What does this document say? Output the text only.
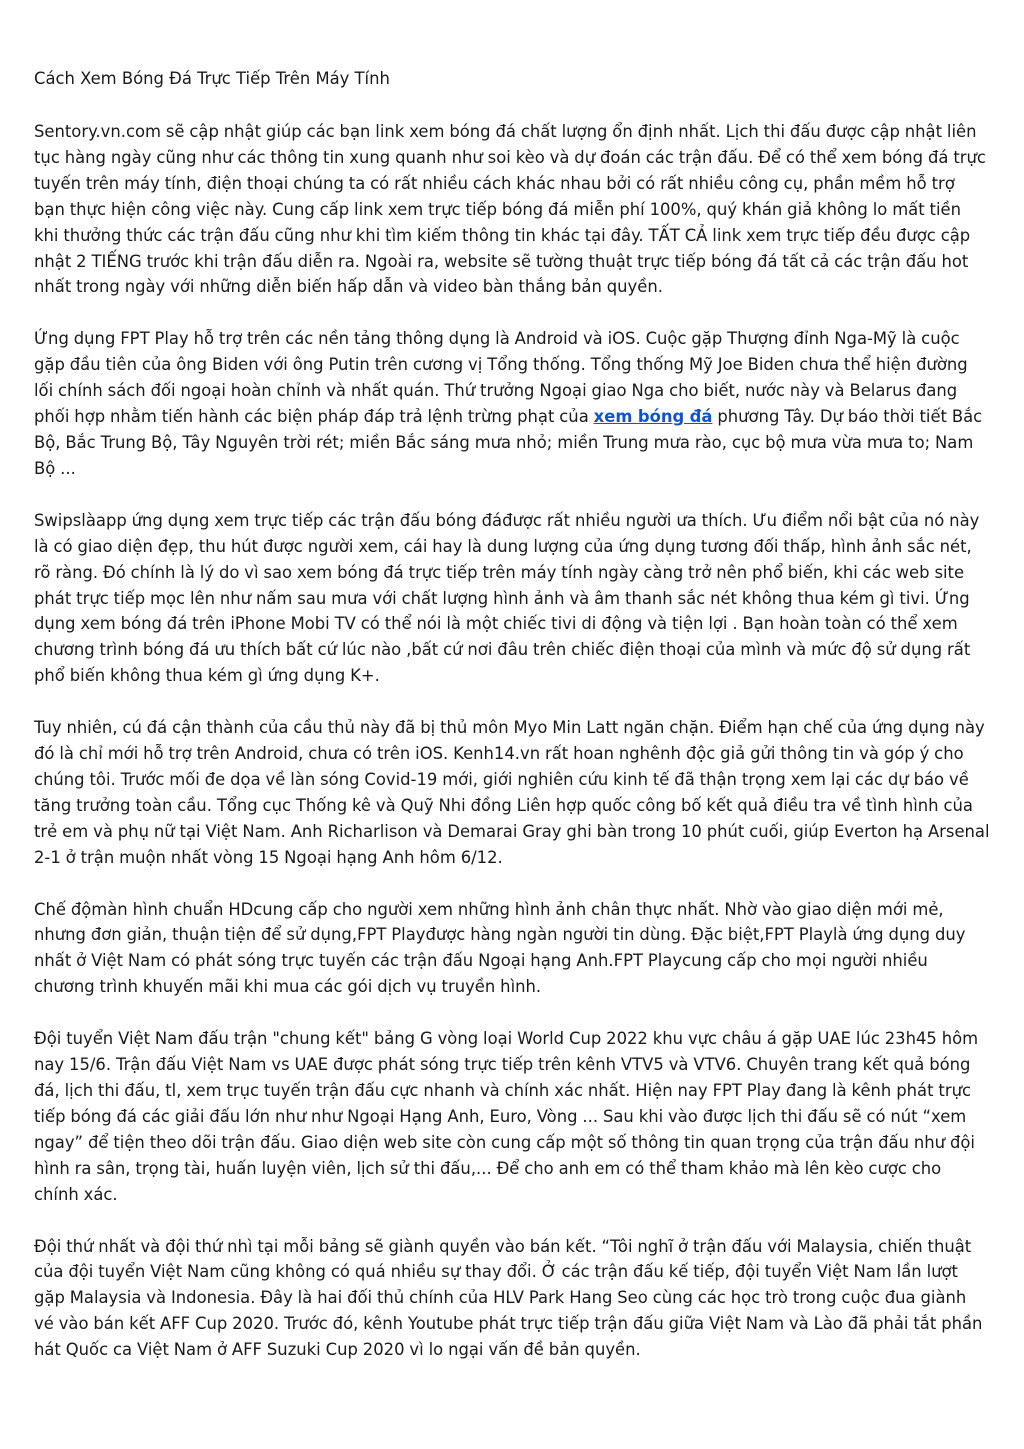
Cách Xem Bóng Đá Trực Tiếp Trên Máy Tính

Sentory.vn.com sẽ cập nhật giúp các bạn link xem bóng đá chất lượng ổn định nhất. Lịch thi đấu được cập nhật liên tục hàng ngày cũng như các thông tin xung quanh như soi kèo và dự đoán các trận đấu. Để có thể xem bóng đá trực tuyến trên máy tính, điện thoại chúng ta có rất nhiều cách khác nhau bởi có rất nhiều công cụ, phần mềm hỗ trợ bạn thực hiện công việc này. Cung cấp link xem trực tiếp bóng đá miễn phí 100%, quý khán giả không lo mất tiền khi thưởng thức các trận đấu cũng như khi tìm kiếm thông tin khác tại đây. TẤT CẢ link xem trực tiếp đều được cập nhật 2 TIẾNG trước khi trận đấu diễn ra. Ngoài ra, website sẽ tường thuật trực tiếp bóng đá tất cả các trận đấu hot nhất trong ngày với những diễn biến hấp dẫn và video bàn thắng bản quyền.

Ứng dụng FPT Play hỗ trợ trên các nền tảng thông dụng là Android và iOS. Cuộc gặp Thượng đỉnh Nga-Mỹ là cuộc gặp đầu tiên của ông Biden với ông Putin trên cương vị Tổng thống. Tổng thống Mỹ Joe Biden chưa thể hiện đường lối chính sách đối ngoại hoàn chỉnh và nhất quán. Thứ trưởng Ngoại giao Nga cho biết, nước này và Belarus đang phối hợp nhằm tiến hành các biện pháp đáp trả lệnh trừng phạt của xem bóng đá phương Tây. Dự báo thời tiết Bắc Bộ, Bắc Trung Bộ, Tây Nguyên trời rét; miền Bắc sáng mưa nhỏ; miền Trung mưa rào, cục bộ mưa vừa mưa to; Nam Bộ ...

Swipslàapp ứng dụng xem trực tiếp các trận đấu bóng đáđược rất nhiều người ưa thích. Ưu điểm nổi bật của nó này là có giao diện đẹp, thu hút được người xem, cái hay là dung lượng của ứng dụng tương đối thấp, hình ảnh sắc nét, rõ ràng. Đó chính là lý do vì sao xem bóng đá trực tiếp trên máy tính ngày càng trở nên phổ biến, khi các web site phát trực tiếp mọc lên như nấm sau mưa với chất lượng hình ảnh và âm thanh sắc nét không thua kém gì tivi. Ứng dụng xem bóng đá trên iPhone Mobi TV có thể nói là một chiếc tivi di động và tiện lợi . Bạn hoàn toàn có thể xem chương trình bóng đá ưu thích bất cứ lúc nào ,bất cứ nơi đâu trên chiếc điện thoại của mình và mức độ sử dụng rất phổ biến không thua kém gì ứng dụng K+.

Tuy nhiên, cú đá cận thành của cầu thủ này đã bị thủ môn Myo Min Latt ngăn chặn. Điểm hạn chế của ứng dụng này đó là chỉ mới hỗ trợ trên Android, chưa có trên iOS. Kenh14.vn rất hoan nghênh độc giả gửi thông tin và góp ý cho chúng tôi. Trước mối đe dọa về làn sóng Covid-19 mới, giới nghiên cứu kinh tế đã thận trọng xem lại các dự báo về tăng trưởng toàn cầu. Tổng cục Thống kê và Quỹ Nhi đồng Liên hợp quốc công bố kết quả điều tra về tình hình của trẻ em và phụ nữ tại Việt Nam. Anh Richarlison và Demarai Gray ghi bàn trong 10 phút cuối, giúp Everton hạ Arsenal 2-1 ở trận muộn nhất vòng 15 Ngoại hạng Anh hôm 6/12.

Chế độmàn hình chuẩn HDcung cấp cho người xem những hình ảnh chân thực nhất. Nhờ vào giao diện mới mẻ, nhưng đơn giản, thuận tiện để sử dụng,FPT Playđược hàng ngàn người tin dùng. Đặc biệt,FPT Playlà ứng dụng duy nhất ở Việt Nam có phát sóng trực tuyến các trận đấu Ngoại hạng Anh.FPT Playcung cấp cho mọi người nhiều chương trình khuyến mãi khi mua các gói dịch vụ truyền hình.

Đội tuyển Việt Nam đấu trận "chung kết" bảng G vòng loại World Cup 2022 khu vực châu á gặp UAE lúc 23h45 hôm nay 15/6. Trận đấu Việt Nam vs UAE được phát sóng trực tiếp trên kênh VTV5 và VTV6. Chuyên trang kết quả bóng đá, lịch thi đấu, tl, xem trục tuyến trận đấu cực nhanh và chính xác nhất. Hiện nay FPT Play đang là kênh phát trực tiếp bóng đá các giải đấu lớn như như Ngoại Hạng Anh, Euro, Vòng ... Sau khi vào được lịch thi đấu sẽ có nút “xem ngay” để tiện theo dõi trận đấu. Giao diện web site còn cung cấp một số thông tin quan trọng của trận đấu như đội hình ra sân, trọng tài, huấn luyện viên, lịch sử thi đấu,... Để cho anh em có thể tham khảo mà lên kèo cược cho chính xác.

Đội thứ nhất và đội thứ nhì tại mỗi bảng sẽ giành quyền vào bán kết. “Tôi nghĩ ở trận đấu với Malaysia, chiến thuật của đội tuyển Việt Nam cũng không có quá nhiều sự thay đổi. Ở các trận đấu kế tiếp, đội tuyển Việt Nam lần lượt gặp Malaysia và Indonesia. Đây là hai đối thủ chính của HLV Park Hang Seo cùng các học trò trong cuộc đua giành vé vào bán kết AFF Cup 2020. Trước đó, kênh Youtube phát trực tiếp trận đấu giữa Việt Nam và Lào đã phải tắt phần hát Quốc ca Việt Nam ở AFF Suzuki Cup 2020 vì lo ngại vấn đề bản quyền.
